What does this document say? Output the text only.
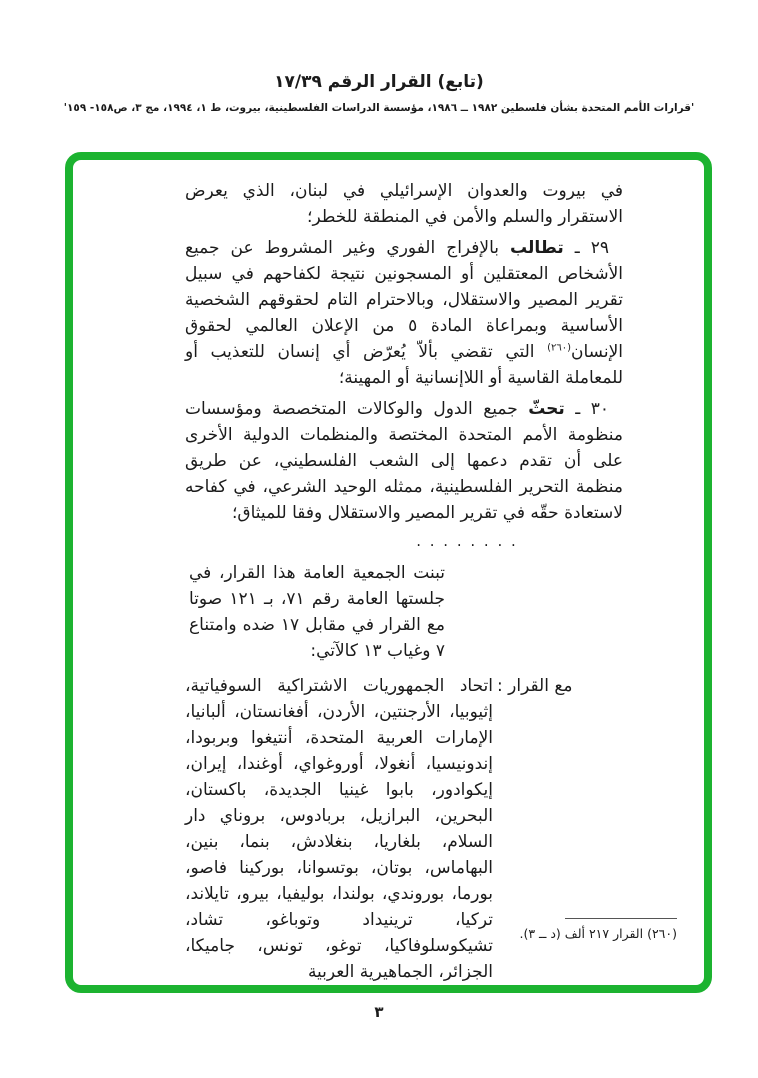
(تابع) القرار الرقم ١٧/٣٩
'قرارات الأمم المتحدة بشأن فلسطين ١٩٨٢ ــ ١٩٨٦، مؤسسة الدراسات الفلسطينية، بيروت، ط ١، ١٩٩٤، مج ٣، ص١٥٨- ١٥٩'

في بيروت والعدوان الإسرائيلي في لبنان، الذي يعرض الاستقرار والسلم والأمن في المنطقة للخطر؛

٢٩ ـ تطالب بالإفراج الفوري وغير المشروط عن جميع الأشخاص المعتقلين أو المسجونين نتيجة لكفاحهم في سبيل تقرير المصير والاستقلال، وبالاحترام التام لحقوقهم الشخصية الأساسية وبمراعاة المادة ٥ من الإعلان العالمي لحقوق الإنسان$^{(٢٦٠)}$ التي تقضي بألاّ يُعرّض أي إنسان للتعذيب أو للمعاملة القاسية أو اللاإنسانية أو المهينة؛

٣٠ ـ تحثّ جميع الدول والوكالات المتخصصة ومؤسسات منظومة الأمم المتحدة المختصة والمنظمات الدولية الأخرى على أن تقدم دعمها إلى الشعب الفلسطيني، عن طريق منظمة التحرير الفلسطينية، ممثله الوحيد الشرعي، في كفاحه لاستعادة حقّه في تقرير المصير والاستقلال وفقا للميثاق؛

. . . . . . . .

تبنت الجمعية العامة هذا القرار، في جلستها العامة رقم ٧١، بـ ١٢١ صوتا مع القرار في مقابل ١٧ ضده وامتناع ٧ وغياب ١٣ كالآتي:

مع القرار :
اتحاد الجمهوريات الاشتراكية السوفياتية، إثيوبيا، الأرجنتين، الأردن، أفغانستان، ألبانيا، الإمارات العربية المتحدة، أنتيغوا وبربودا، إندونيسيا، أنغولا، أوروغواي، أوغندا، إيران، إيكوادور، بابوا غينيا الجديدة، باكستان، البحرين، البرازيل، بربادوس، بروناي دار السلام، بلغاريا، بنغلادش، بنما، بنين، البهاماس، بوتان، بوتسوانا، بوركينا فاصو، بورما، بوروندي، بولندا، بوليفيا، بيرو، تايلاند، تركيا، ترينيداد وتوباغو، تشاد، تشيكوسلوفاكيا، توغو، تونس، جاميكا، الجزائر، الجماهيرية العربية
(٢٦٠) القرار ٢١٧ ألف (د ــ ٣).
٣
